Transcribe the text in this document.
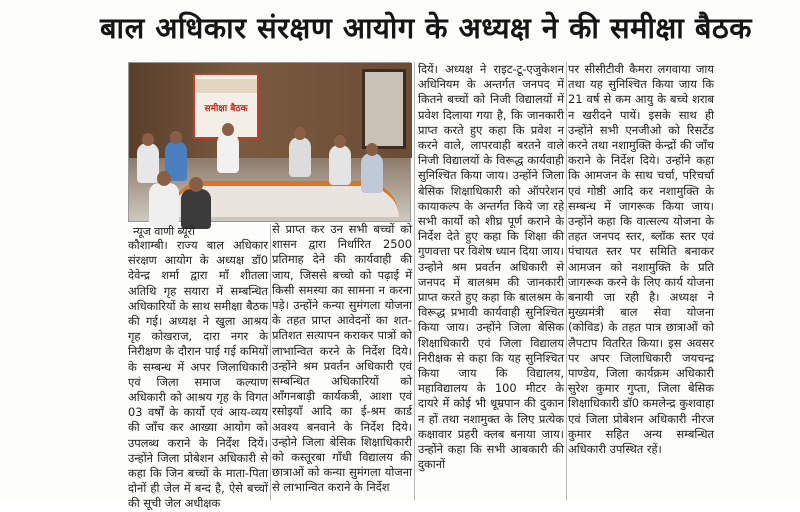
बाल अधिकार संरक्षण आयोग के अध्यक्ष ने की समीक्षा बैठक
समीक्षा बैठक
न्यूज वाणी ब्यूरो

कौशाम्बी। राज्य बाल अधिकार संरक्षण आयोग के अध्यक्ष डॉ0 देवेन्द्र शर्मा द्वारा माँ शीतला अतिथि गृह सयारा में सम्बन्धित अधिकारियों के साथ समीक्षा बैठक की गई। अध्यक्ष ने खुला आश्रय गृह कोखराज, दारा नगर के निरीक्षण के दौरान पाई गई कमियों के सम्बन्ध में अपर जिलाधिकारी एवं जिला समाज कल्याण अधिकारी को आश्रय गृह के विगत 03 वर्षों के कार्यो एवं आय-व्यय की जाँच कर आख्या आयोग को उपलब्ध कराने के निर्देश दियें। उन्होंने जिला प्रोबेशन अधिकारी से कहा कि जिन बच्चों के माता-पिता दोनों ही जेल में बन्द है, ऐसे बच्चों की सूची जेल अधीक्षक

से प्राप्त कर उन सभी बच्चों को शासन द्वारा निर्धारित 2500 प्रतिमाह देने की कार्यवाही की जाय, जिससे बच्चो को पढ़ाई में किसी समस्या का सामना न करना पड़े। उन्होंने कन्या सुमंगला योजना के तहत प्राप्त आवेदनों का शत-प्रतिशत सत्यापन कराकर पात्रों को लाभान्वित करने के निर्देश दिये। उन्होंने श्रम प्रवर्तन अधिकारी एवं सम्बन्धित अधिकारियों को आँगनबाड़ी कार्यकत्री, आशा एवं रसोइयाँ आदि का ई-श्रम कार्ड अवश्य बनवाने के निर्देश दिये। उन्होने जिला बेसिक शिक्षाधिकारी को कस्तूरबा गाँधी विद्यालय की छात्राओं को कन्या सुमंगला योजना से लाभान्वित कराने के निर्देश

दियें। अध्यक्ष ने राइट-टू-एजुकेशन अधिनियम के अन्तर्गत जनपद में कितने बच्चों को निजी विद्यालयों में प्रवेश दिलाया गया है, कि जानकारी प्राप्त करते हुए कहा कि प्रवेश न करने वाले, लापरवाही बरतने वाले निजी विद्यालयों के विरूद्ध कार्यवाही सुनिश्चित किया जाय। उन्होंने जिला बेसिक शिक्षाधिकारी को ऑपरेशन कायाकल्प के अन्तर्गत किये जा रहे सभी कार्यो को शीघ्र पूर्ण कराने के निर्देश देते हुए कहा कि शिक्षा की गुणवत्ता पर विशेष ध्यान दिया जाय। उन्होने श्रम प्रवर्तन अधिकारी से जनपद में बालश्रम की जानकारी प्राप्त करते हुए कहा कि बालश्रम के विरूद्ध प्रभावी कार्यवाही सुनिश्चित किया जाय। उन्होंने जिला बेसिक शिक्षाधिकारी एवं जिला विद्यालय निरीक्षक से कहा कि यह सुनिश्चित किया जाय कि विद्यालय, महाविद्यालय के 100 मीटर के दायरे में कोई भी धूम्रपान की दुकान न हों तथा नशामुक्त के लिए प्रत्येक कक्षावार प्रहरी क्लब बनाया जाय। उन्होंने कहा कि सभी आबकारी की दुकानों

पर सीसीटीवी कैमरा लगवाया जाय तथा यह सुनिश्चित किया जाय कि 21 वर्ष से कम आयु के बच्चे शराब न खरीदने पायें। इसके साथ ही उन्होंने सभी एनजीओ को रिसर्टेड करने तथा नशामुक्ति केन्द्रों की जाँच कराने के निर्देश दिये। उन्होंने कहा कि आमजन के साथ चर्चा, परिचर्चा एवं गोष्ठी आदि कर नशामुक्ति के सम्बन्ध में जागरूक किया जाय। उन्होंने कहा कि वात्सल्य योजना के तहत जनपद स्तर, ब्लॉक स्तर एवं पंचायत स्तर पर समिति बनाकर आमजन को नशामुक्ति के प्रति जागरूक करने के लिए कार्य योजना बनायी जा रही है। अध्यक्ष ने मुख्यमंत्री बाल सेवा योजना (कोविड) के तहत पात्र छात्राओं को लैपटाप वितरित किया। इस अवसर पर अपर जिलाधिकारी जयचन्द्र पाण्डेय, जिला कार्यक्रम अधिकारी सुरेश कुमार गुप्ता, जिला बेसिक शिक्षाधिकारी डॉ0 कमलेन्द्र कुशवाहा एवं जिला प्रोबेशन अधिकारी नीरज कुमार सहित अन्य सम्बन्धित अधिकारी उपस्थित रहें।
